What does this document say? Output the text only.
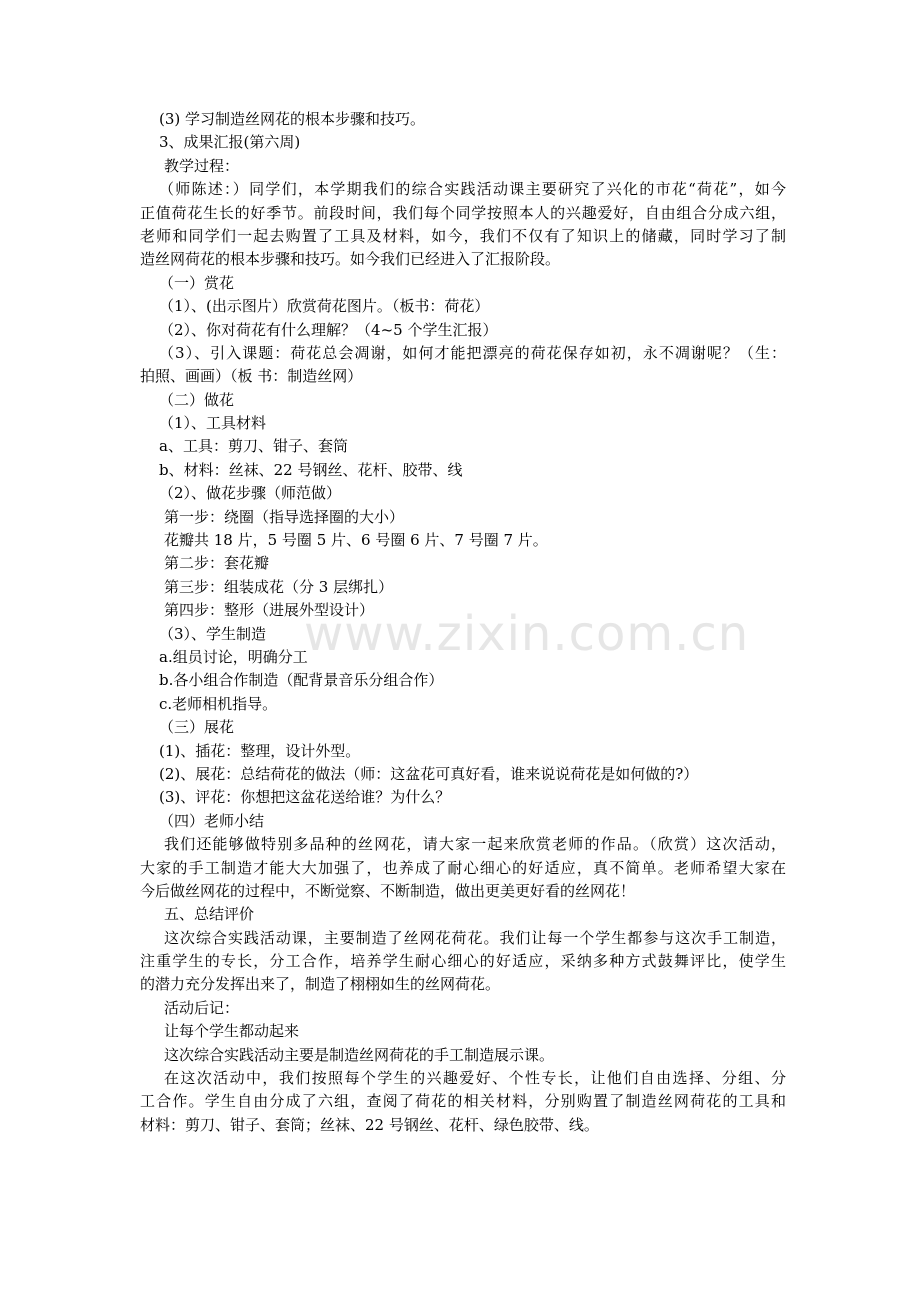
www.zixin.com.cn
(3) 学习制造丝网花的根本步骤和技巧。
3、成果汇报(第六周)
教学过程：
（师陈述：）同学们，本学期我们的综合实践活动课主要研究了兴化的市花“荷花”，如今
正值荷花生长的好季节。前段时间，我们每个同学按照本人的兴趣爱好，自由组合分成六组，
老师和同学们一起去购置了工具及材料，如今，我们不仅有了知识上的储藏，同时学习了制
造丝网荷花的根本步骤和技巧。如今我们已经进入了汇报阶段。
（一）赏花
（1）、(出示图片）欣赏荷花图片。（板书：荷花）
（2）、你对荷花有什么理解？（4~5 个学生汇报）
（3）、引入课题：荷花总会凋谢，如何才能把漂亮的荷花保存如初，永不凋谢呢？（生：
拍照、画画）（板 书：制造丝网）
（二）做花
（1）、工具材料
a、工具：剪刀、钳子、套筒
b、材料：丝袜、22 号钢丝、花杆、胶带、线
（2）、做花步骤（师范做）
第一步：绕圈（指导选择圈的大小）
花瓣共 18 片，5 号圈 5 片、6 号圈 6 片、7 号圈 7 片。
第二步：套花瓣
第三步：组装成花（分 3 层绑扎）
第四步：整形（进展外型设计）
（3）、学生制造
a.组员讨论，明确分工
b.各小组合作制造（配背景音乐分组合作）
c.老师相机指导。
（三）展花
(1)、插花：整理，设计外型。
(2)、展花：总结荷花的做法（师：这盆花可真好看，谁来说说荷花是如何做的?）
(3)、评花：你想把这盆花送给谁？为什么？
（四）老师小结
我们还能够做特别多品种的丝网花，请大家一起来欣赏老师的作品。（欣赏）这次活动，
大家的手工制造才能大大加强了，也养成了耐心细心的好适应，真不简单。老师希望大家在
今后做丝网花的过程中，不断觉察、不断制造，做出更美更好看的丝网花！
五、总结评价
这次综合实践活动课，主要制造了丝网花荷花。我们让每一个学生都参与这次手工制造，
注重学生的专长，分工合作，培养学生耐心细心的好适应，采纳多种方式鼓舞评比，使学生
的潜力充分发挥出来了，制造了栩栩如生的丝网荷花。
活动后记：
让每个学生都动起来
这次综合实践活动主要是制造丝网荷花的手工制造展示课。
在这次活动中，我们按照每个学生的兴趣爱好、个性专长，让他们自由选择、分组、分
工合作。学生自由分成了六组，查阅了荷花的相关材料，分别购置了制造丝网荷花的工具和
材料：剪刀、钳子、套筒；丝袜、22 号钢丝、花杆、绿色胶带、线。
